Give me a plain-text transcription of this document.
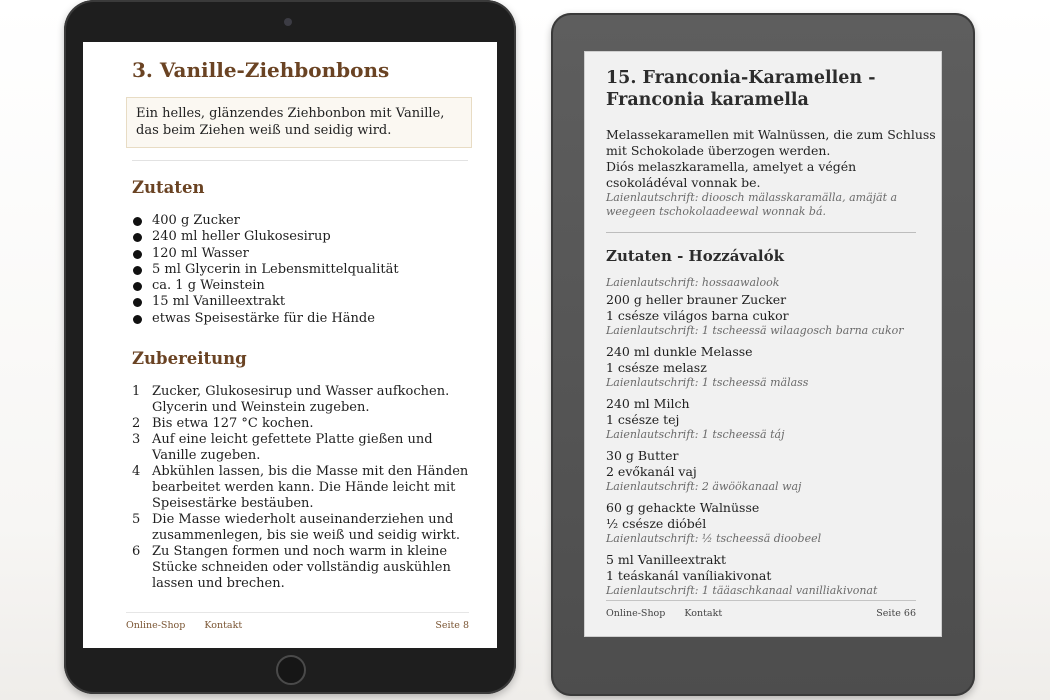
3. Vanille-Ziehbonbons
Ein helles, glänzendes Ziehbonbon mit Vanille, das beim Ziehen weiß und seidig wird.
Zutaten
400 g Zucker
240 ml heller Glukosesirup
120 ml Wasser
5 ml Glycerin in Lebensmittelqualität
ca. 1 g Weinstein
15 ml Vanilleextrakt
etwas Speisestärke für die Hände
Zubereitung
1 Zucker, Glukosesirup und Wasser aufkochen. Glycerin und Weinstein zugeben.
2 Bis etwa 127 °C kochen.
3 Auf eine leicht gefettete Platte gießen und Vanille zugeben.
4 Abkühlen lassen, bis die Masse mit den Händen bearbeitet werden kann. Die Hände leicht mit Speisestärke bestäuben.
5 Die Masse wiederholt auseinanderziehen und zusammenlegen, bis sie weiß und seidig wirkt.
6 Zu Stangen formen und noch warm in kleine Stücke schneiden oder vollständig auskühlen lassen und brechen.
Online-Shop Kontakt	Seite 8
15. Franconia-Karamellen - Franconia karamella

Melassekaramellen mit Walnüssen, die zum Schluss mit Schokolade überzogen werden.

Diós melaszkaramella, amelyet a végén csokoládéval vonnak be.

Laienlautschrift: dioosch mälasskaramälla, amäjät a weegeen tschokolaadeewal wonnak bá.

Zutaten - Hozzávalók

Laienlautschrift: hossaawalook

200 g heller brauner Zucker
1 csésze világos barna cukor
Laienlautschrift: 1 tscheessä wilaagosch barna cukor
240 ml dunkle Melasse
1 csésze melasz
Laienlautschrift: 1 tscheessä mälass
240 ml Milch
1 csésze tej
Laienlautschrift: 1 tscheessä táj
30 g Butter
2 evőkanál vaj
Laienlautschrift: 2 äwöökanaal waj
60 g gehackte Walnüsse
½ csésze dióbél
Laienlautschrift: ½ tscheessä dioobeel
5 ml Vanilleextrakt
1 teáskanál vaníliakivonat
Laienlautschrift: 1 tääaschkanaal vanilliakivonat
Online-Shop Kontakt	Seite 66
